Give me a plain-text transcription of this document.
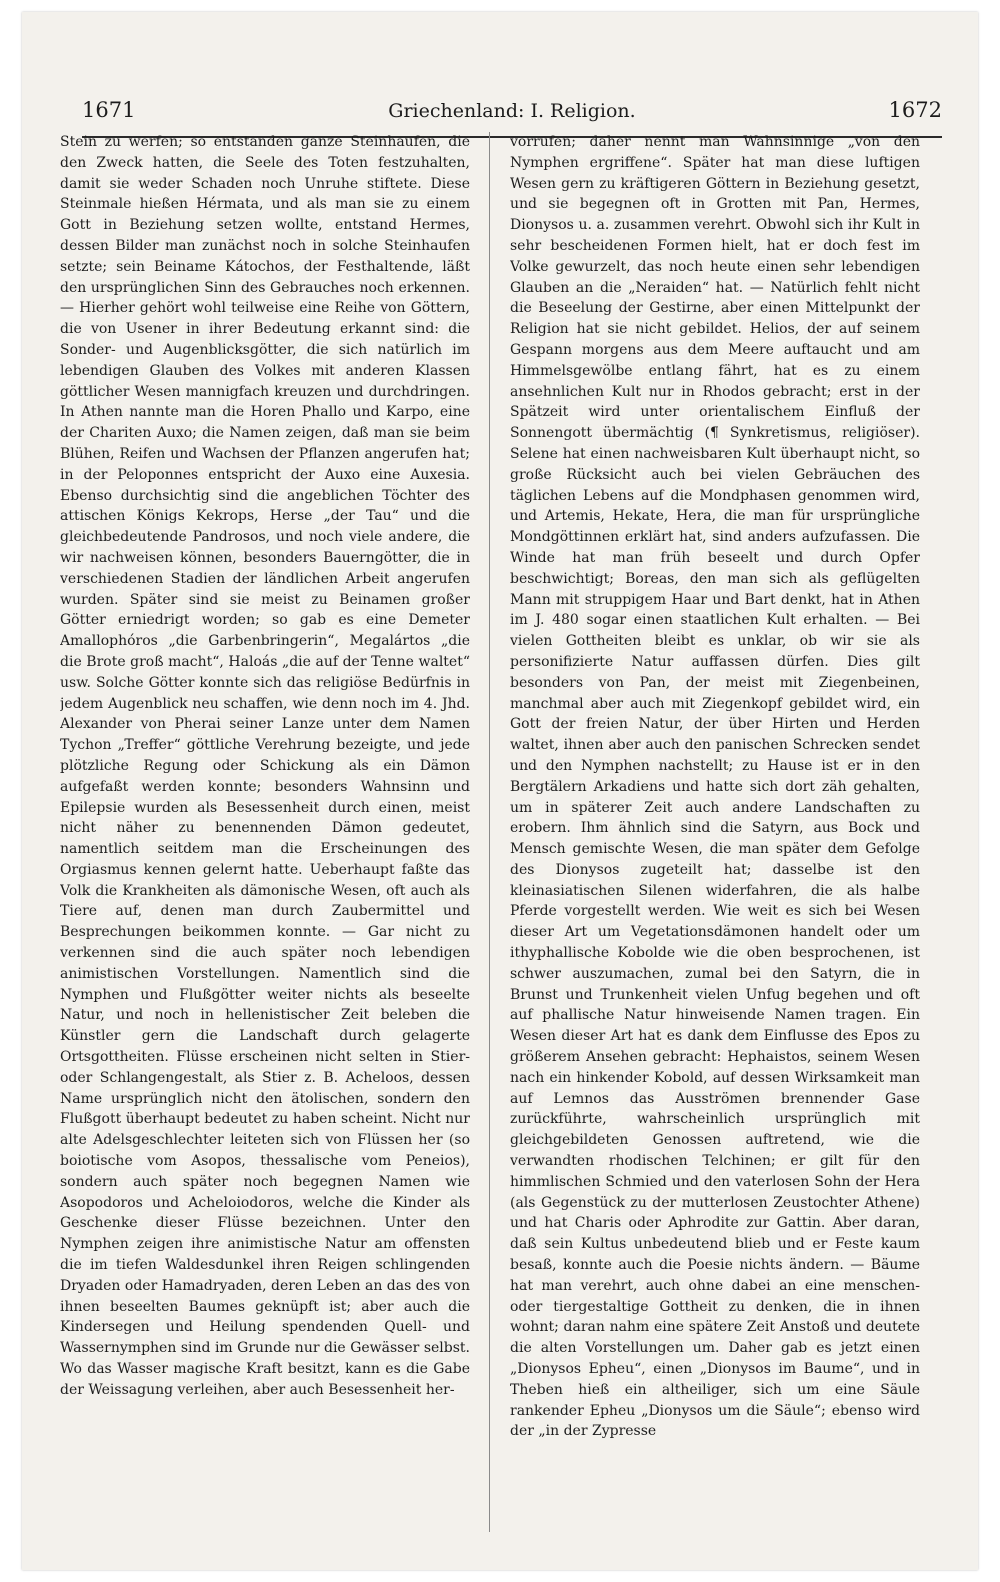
1671	Griechenland: I. Religion.	1672

Stein zu werfen; so entstanden ganze Steinhaufen, die den Zweck hatten, die Seele des Toten festzuhalten, damit sie weder Schaden noch Unruhe stiftete. Diese Steinmale hießen Hérmata, und als man sie zu einem Gott in Beziehung setzen wollte, entstand Hermes, dessen Bilder man zunächst noch in solche Steinhaufen setzte; sein Beiname Kátochos, der Festhaltende, läßt den ursprünglichen Sinn des Gebrauches noch erkennen. — Hierher gehört wohl teilweise eine Reihe von Göttern, die von Usener in ihrer Bedeutung erkannt sind: die Sonder- und Augenblicksgötter, die sich natürlich im lebendigen Glauben des Volkes mit anderen Klassen göttlicher Wesen mannigfach kreuzen und durchdringen. In Athen nannte man die Horen Phallo und Karpo, eine der Chariten Auxo; die Namen zeigen, daß man sie beim Blühen, Reifen und Wachsen der Pflanzen angerufen hat; in der Peloponnes entspricht der Auxo eine Auxesia. Ebenso durchsichtig sind die angeblichen Töchter des attischen Königs Kekrops, Herse „der Tau“ und die gleichbedeutende Pandrosos, und noch viele andere, die wir nachweisen können, besonders Bauerngötter, die in verschiedenen Stadien der ländlichen Arbeit angerufen wurden. Später sind sie meist zu Beinamen großer Götter erniedrigt worden; so gab es eine Demeter Amallophóros „die Garbenbringerin“, Megalártos „die die Brote groß macht“, Haloás „die auf der Tenne waltet“ usw. Solche Götter konnte sich das religiöse Bedürfnis in jedem Augenblick neu schaffen, wie denn noch im 4. Jhd. Alexander von Pherai seiner Lanze unter dem Namen Tychon „Treffer“ göttliche Verehrung bezeigte, und jede plötzliche Regung oder Schickung als ein Dämon aufgefaßt werden konnte; besonders Wahnsinn und Epilepsie wurden als Besessenheit durch einen, meist nicht näher zu benennenden Dämon gedeutet, namentlich seitdem man die Erscheinungen des Orgiasmus kennen gelernt hatte. Ueberhaupt faßte das Volk die Krankheiten als dämonische Wesen, oft auch als Tiere auf, denen man durch Zaubermittel und Besprechungen beikommen konnte. — Gar nicht zu verkennen sind die auch später noch lebendigen animistischen Vorstellungen. Namentlich sind die Nymphen und Flußgötter weiter nichts als beseelte Natur, und noch in hellenistischer Zeit beleben die Künstler gern die Landschaft durch gelagerte Ortsgottheiten. Flüsse erscheinen nicht selten in Stier- oder Schlangengestalt, als Stier z. B. Acheloos, dessen Name ursprünglich nicht den ätolischen, sondern den Flußgott überhaupt bedeutet zu haben scheint. Nicht nur alte Adelsgeschlechter leiteten sich von Flüssen her (so boiotische vom Asopos, thessalische vom Peneios), sondern auch später noch begegnen Namen wie Asopodoros und Acheloiodoros, welche die Kinder als Geschenke dieser Flüsse bezeichnen. Unter den Nymphen zeigen ihre animistische Natur am offensten die im tiefen Waldesdunkel ihren Reigen schlingenden Dryaden oder Hamadryaden, deren Leben an das des von ihnen beseelten Baumes geknüpft ist; aber auch die Kindersegen und Heilung spendenden Quell- und Wassernymphen sind im Grunde nur die Gewässer selbst. Wo das Wasser magische Kraft besitzt, kann es die Gabe der Weissagung verleihen, aber auch Besessenheit her-

vorrufen; daher nennt man Wahnsinnige „von den Nymphen ergriffene“. Später hat man diese luftigen Wesen gern zu kräftigeren Göttern in Beziehung gesetzt, und sie begegnen oft in Grotten mit Pan, Hermes, Dionysos u. a. zusammen verehrt. Obwohl sich ihr Kult in sehr bescheidenen Formen hielt, hat er doch fest im Volke gewurzelt, das noch heute einen sehr lebendigen Glauben an die „Neraiden“ hat. — Natürlich fehlt nicht die Beseelung der Gestirne, aber einen Mittelpunkt der Religion hat sie nicht gebildet. Helios, der auf seinem Gespann morgens aus dem Meere auftaucht und am Himmelsgewölbe entlang fährt, hat es zu einem ansehnlichen Kult nur in Rhodos gebracht; erst in der Spätzeit wird unter orientalischem Einfluß der Sonnengott übermächtig (¶ Synkretismus, religiöser). Selene hat einen nachweisbaren Kult überhaupt nicht, so große Rücksicht auch bei vielen Gebräuchen des täglichen Lebens auf die Mondphasen genommen wird, und Artemis, Hekate, Hera, die man für ursprüngliche Mondgöttinnen erklärt hat, sind anders aufzufassen. Die Winde hat man früh beseelt und durch Opfer beschwichtigt; Boreas, den man sich als geflügelten Mann mit struppigem Haar und Bart denkt, hat in Athen im J. 480 sogar einen staatlichen Kult erhalten. — Bei vielen Gottheiten bleibt es unklar, ob wir sie als personifizierte Natur auffassen dürfen. Dies gilt besonders von Pan, der meist mit Ziegenbeinen, manchmal aber auch mit Ziegenkopf gebildet wird, ein Gott der freien Natur, der über Hirten und Herden waltet, ihnen aber auch den panischen Schrecken sendet und den Nymphen nachstellt; zu Hause ist er in den Bergtälern Arkadiens und hatte sich dort zäh gehalten, um in späterer Zeit auch andere Landschaften zu erobern. Ihm ähnlich sind die Satyrn, aus Bock und Mensch gemischte Wesen, die man später dem Gefolge des Dionysos zugeteilt hat; dasselbe ist den kleinasiatischen Silenen widerfahren, die als halbe Pferde vorgestellt werden. Wie weit es sich bei Wesen dieser Art um Vegetationsdämonen handelt oder um ithyphallische Kobolde wie die oben besprochenen, ist schwer auszumachen, zumal bei den Satyrn, die in Brunst und Trunkenheit vielen Unfug begehen und oft auf phallische Natur hinweisende Namen tragen. Ein Wesen dieser Art hat es dank dem Einflusse des Epos zu größerem Ansehen gebracht: Hephaistos, seinem Wesen nach ein hinkender Kobold, auf dessen Wirksamkeit man auf Lemnos das Ausströmen brennender Gase zurückführte, wahrscheinlich ursprünglich mit gleichgebildeten Genossen auftretend, wie die verwandten rhodischen Telchinen; er gilt für den himmlischen Schmied und den vaterlosen Sohn der Hera (als Gegenstück zu der mutterlosen Zeustochter Athene) und hat Charis oder Aphrodite zur Gattin. Aber daran, daß sein Kultus unbedeutend blieb und er Feste kaum besaß, konnte auch die Poesie nichts ändern. — Bäume hat man verehrt, auch ohne dabei an eine menschen- oder tiergestaltige Gottheit zu denken, die in ihnen wohnt; daran nahm eine spätere Zeit Anstoß und deutete die alten Vorstellungen um. Daher gab es jetzt einen „Dionysos Epheu“, einen „Dionysos im Baume“, und in Theben hieß ein altheiliger, sich um eine Säule rankender Epheu „Dionysos um die Säule“; ebenso wird der „in der Zypresse
